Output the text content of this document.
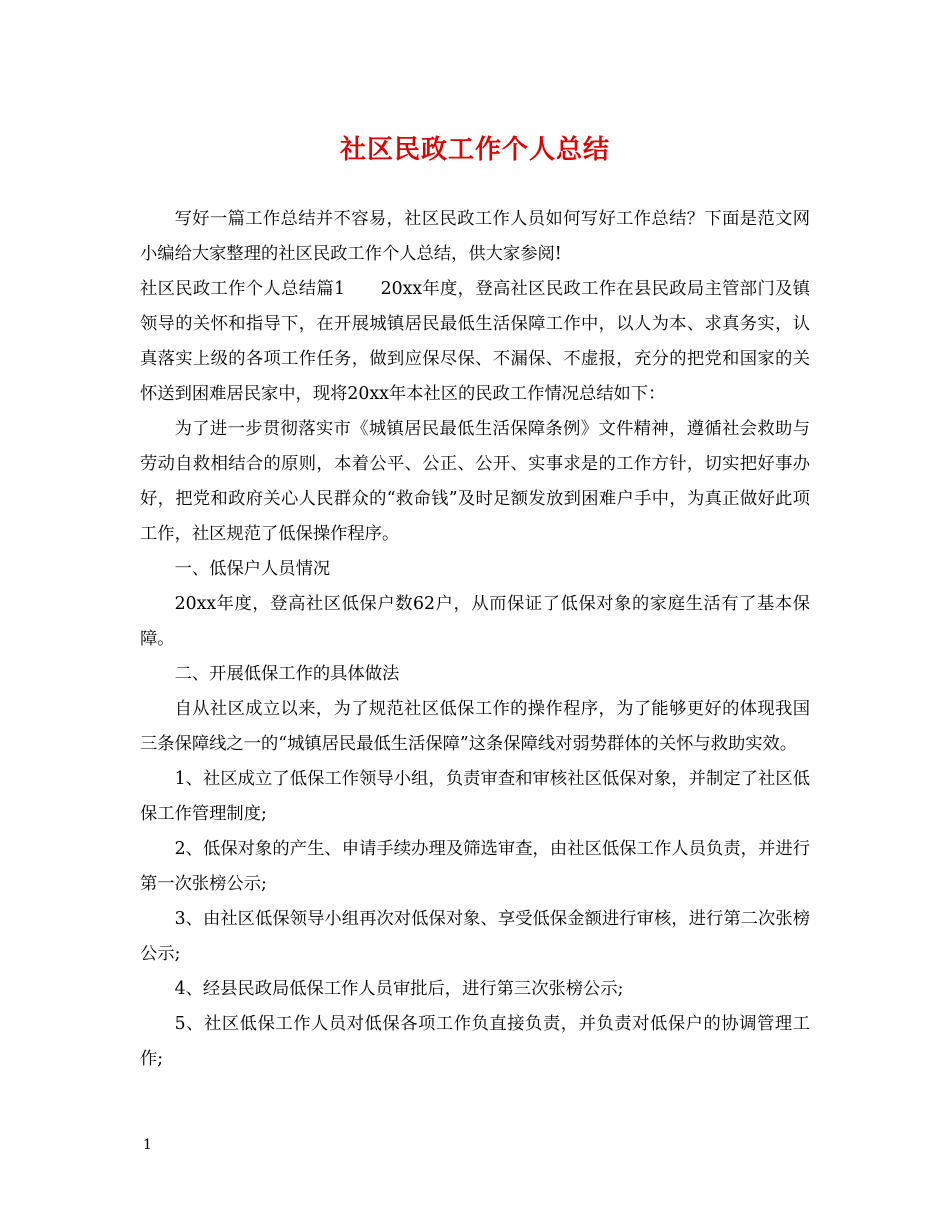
社区民政工作个人总结

写好一篇工作总结并不容易，社区民政工作人员如何写好工作总结？下面是范文网小编给大家整理的社区民政工作个人总结，供大家参阅!

社区民政工作个人总结篇1　　20xx年度，登高社区民政工作在县民政局主管部门及镇领导的关怀和指导下，在开展城镇居民最低生活保障工作中，以人为本、求真务实，认真落实上级的各项工作任务，做到应保尽保、不漏保、不虚报，充分的把党和国家的关怀送到困难居民家中，现将20xx年本社区的民政工作情况总结如下：

为了进一步贯彻落实市《城镇居民最低生活保障条例》文件精神，遵循社会救助与劳动自救相结合的原则，本着公平、公正、公开、实事求是的工作方针，切实把好事办好，把党和政府关心人民群众的“救命钱”及时足额发放到困难户手中，为真正做好此项工作，社区规范了低保操作程序。

一、低保户人员情况

20xx年度，登高社区低保户数62户，从而保证了低保对象的家庭生活有了基本保障。

二、开展低保工作的具体做法

自从社区成立以来，为了规范社区低保工作的操作程序，为了能够更好的体现我国三条保障线之一的“城镇居民最低生活保障”这条保障线对弱势群体的关怀与救助实效。

1、社区成立了低保工作领导小组，负责审查和审核社区低保对象，并制定了社区低保工作管理制度;

2、低保对象的产生、申请手续办理及筛选审查，由社区低保工作人员负责，并进行第一次张榜公示;

3、由社区低保领导小组再次对低保对象、享受低保金额进行审核，进行第二次张榜公示;

4、经县民政局低保工作人员审批后，进行第三次张榜公示;

5、社区低保工作人员对低保各项工作负直接负责，并负责对低保户的协调管理工作;

1
